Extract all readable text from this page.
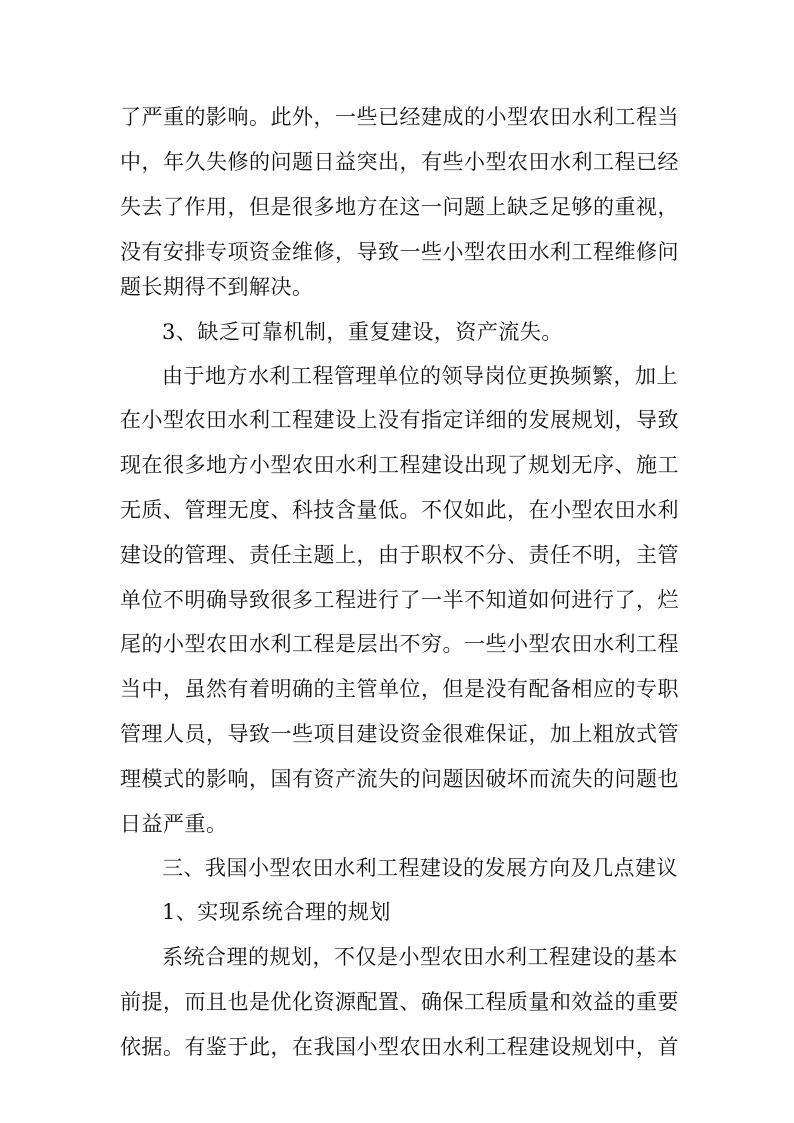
了严重的影响。此外，一些已经建成的小型农田水利工程当
中，年久失修的问题日益突出，有些小型农田水利工程已经
失去了作用，但是很多地方在这一问题上缺乏足够的重视，
没有安排专项资金维修，导致一些小型农田水利工程维修问
题长期得不到解决。
3、缺乏可靠机制，重复建设，资产流失。
由于地方水利工程管理单位的领导岗位更换频繁，加上
在小型农田水利工程建设上没有指定详细的发展规划，导致
现在很多地方小型农田水利工程建设出现了规划无序、施工
无质、管理无度、科技含量低。不仅如此，在小型农田水利
建设的管理、责任主题上，由于职权不分、责任不明，主管
单位不明确导致很多工程进行了一半不知道如何进行了，烂
尾的小型农田水利工程是层出不穷。一些小型农田水利工程
当中，虽然有着明确的主管单位，但是没有配备相应的专职
管理人员，导致一些项目建设资金很难保证，加上粗放式管
理模式的影响，国有资产流失的问题因破坏而流失的问题也
日益严重。
三、我国小型农田水利工程建设的发展方向及几点建议
1、实现系统合理的规划
系统合理的规划，不仅是小型农田水利工程建设的基本
前提，而且也是优化资源配置、确保工程质量和效益的重要
依据。有鉴于此，在我国小型农田水利工程建设规划中，首
